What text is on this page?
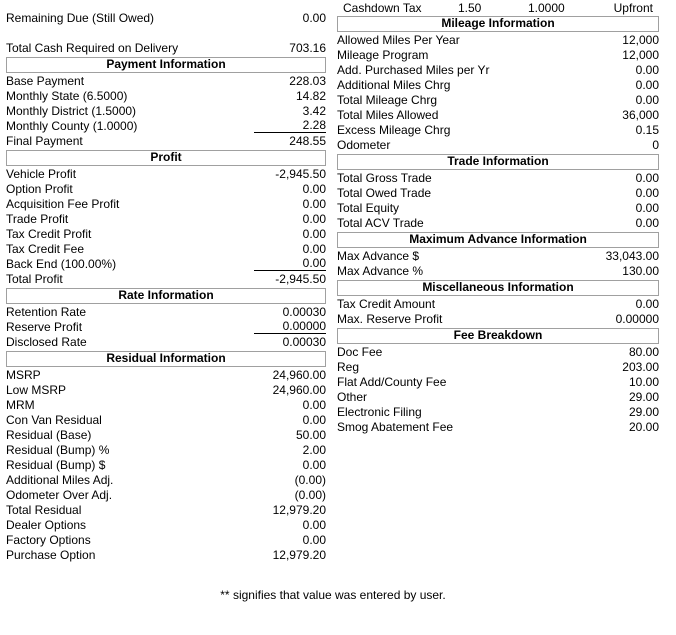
Remaining Due (Still Owed)	0.00
Total Cash Required on Delivery	703.16
Payment Information
Base Payment	228.03
Monthly State (6.5000)	14.82
Monthly District (1.5000)	3.42
Monthly County (1.0000)	2.28
Final Payment	248.55
Profit
Vehicle Profit	-2,945.50
Option Profit	0.00
Acquisition Fee Profit	0.00
Trade Profit	0.00
Tax Credit Profit	0.00
Tax Credit Fee	0.00
Back End (100.00%)	0.00
Total Profit	-2,945.50
Rate Information
Retention Rate	0.00030
Reserve Profit	0.00000
Disclosed Rate	0.00030
Residual Information
MSRP	24,960.00
Low MSRP	24,960.00
MRM	0.00
Con Van Residual	0.00
Residual (Base)	50.00
Residual (Bump) %	2.00
Residual (Bump) $	0.00
Additional Miles Adj.	(0.00)
Odometer Over Adj.	(0.00)
Total Residual	12,979.20
Dealer Options	0.00
Factory Options	0.00
Purchase Option	12,979.20
Cashdown Tax	1.50	1.0000	Upfront
Mileage Information
Allowed Miles Per Year	12,000
Mileage Program	12,000
Add. Purchased Miles per Yr	0.00
Additional Miles Chrg	0.00
Total Mileage Chrg	0.00
Total Miles Allowed	36,000
Excess Mileage Chrg	0.15
Odometer	0
Trade Information
Total Gross Trade	0.00
Total Owed Trade	0.00
Total Equity	0.00
Total ACV Trade	0.00
Maximum Advance Information
Max Advance $	33,043.00
Max Advance %	130.00
Miscellaneous Information
Tax Credit Amount	0.00
Max. Reserve Profit	0.00000
Fee Breakdown
Doc Fee	80.00
Reg	203.00
Flat Add/County Fee	10.00
Other	29.00
Electronic Filing	29.00
Smog Abatement Fee	20.00
** signifies that value was entered by user.
